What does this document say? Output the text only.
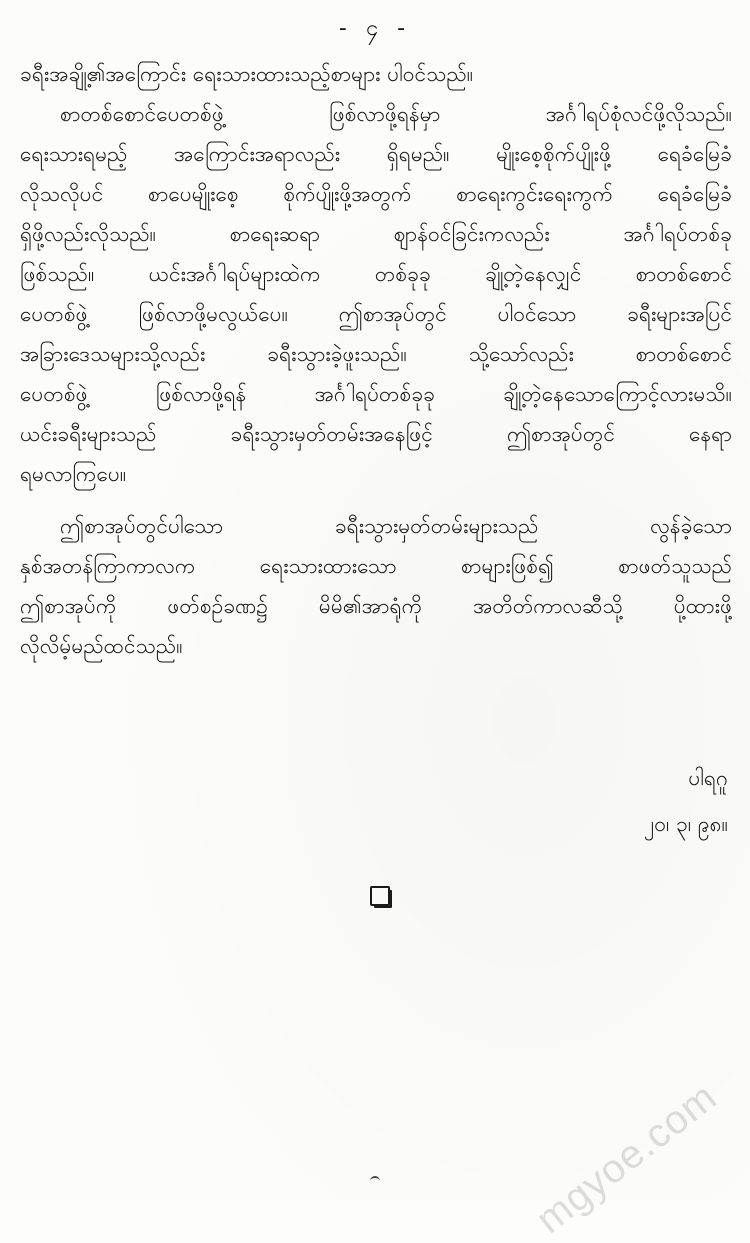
- ၄ -
ခရီးအချို့၏အကြောင်း ရေးသားထားသည့်စာများ ပါဝင်သည်။
စာတစ်စောင်ပေတစ်ဖွဲ့ ဖြစ်လာဖို့ရန်မှာ အင်္ဂါရပ်စုံလင်ဖို့လိုသည်။
ရေးသားရမည့် အကြောင်းအရာလည်း ရှိရမည်။ မျိုးစေ့စိုက်ပျိုးဖို့ ရေခံမြေခံ
လိုသလိုပင် စာပေမျိုးစေ့ စိုက်ပျိုးဖို့အတွက် စာရေးကွင်းရေးကွက် ရေခံမြေခံ
ရှိဖို့လည်းလိုသည်။ စာရေးဆရာ ဈာန်ဝင်ခြင်းကလည်း အင်္ဂါရပ်တစ်ခု
ဖြစ်သည်။ ယင်းအင်္ဂါရပ်များထဲက တစ်ခုခု ချို့တဲ့နေလျှင် စာတစ်စောင်
ပေတစ်ဖွဲ့ ဖြစ်လာဖို့မလွယ်ပေ။ ဤစာအုပ်တွင် ပါဝင်သော ခရီးများအပြင်
အခြားဒေသများသို့လည်း ခရီးသွားခဲ့ဖူးသည်။ သို့သော်လည်း စာတစ်စောင်
ပေတစ်ဖွဲ့ ဖြစ်လာဖို့ရန် အင်္ဂါရပ်တစ်ခုခု ချို့တဲ့နေသောကြောင့်လားမသိ။
ယင်းခရီးများသည် ခရီးသွားမှတ်တမ်းအနေဖြင့် ဤစာအုပ်တွင် နေရာ
ရမလာကြပေ။
ဤစာအုပ်တွင်ပါသော ခရီးသွားမှတ်တမ်းများသည် လွန်ခဲ့သော
နှစ်အတန်ကြာကာလက ရေးသားထားသော စာများဖြစ်၍ စာဖတ်သူသည်
ဤစာအုပ်ကို ဖတ်စဉ်ခဏ၌ မိမိ၏အာရုံကို အတိတ်ကာလဆီသို့ ပို့ထားဖို့
လိုလိမ့်မည်ထင်သည်။
ပါရဂူ
၂၀၊ ၃၊ ၉၈။
mgyoe.com
